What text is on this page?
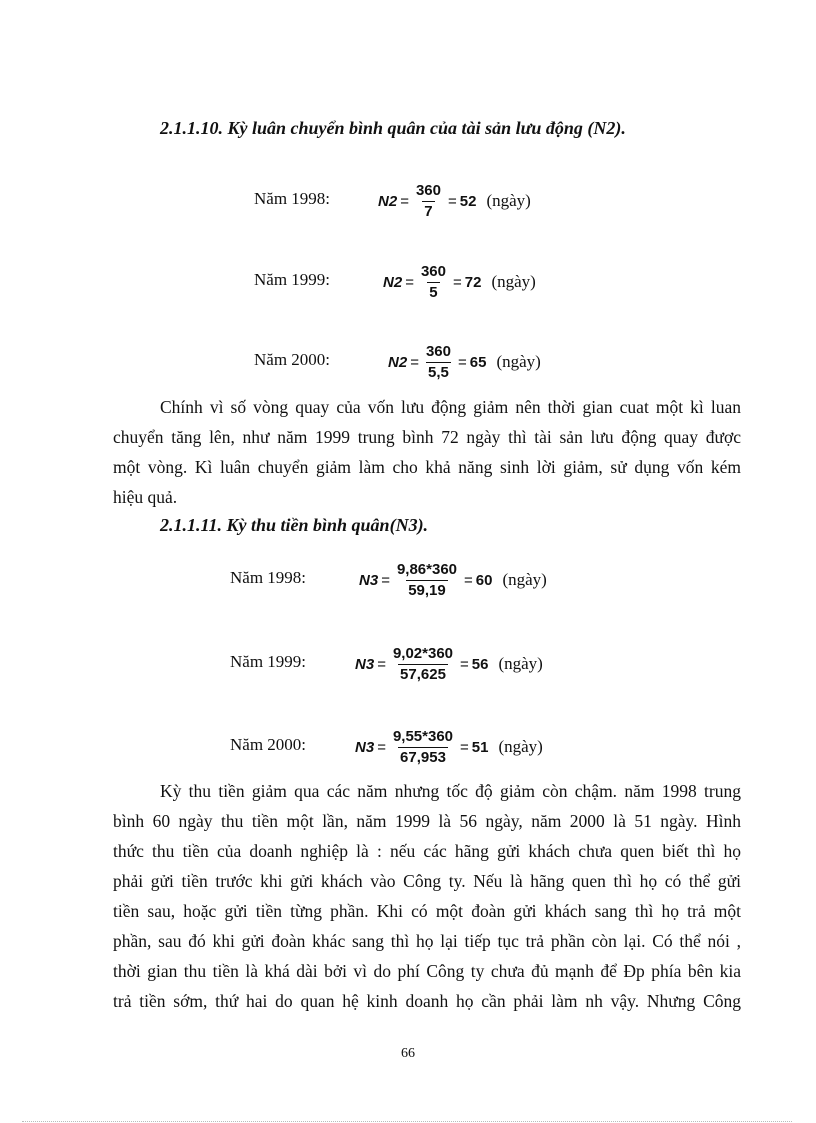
2.1.1.10. Kỳ luân chuyển bình quân của tài sản lưu động (N2).
Năm 1998:	$N2 = \frac{360}{7} = 52$ (ngày)
Năm 1999:	$N2 = \frac{360}{5} = 72$ (ngày)
Năm 2000:	$N2 = \frac{360}{5,5} = 65$ (ngày)
Chính vì số vòng quay của vốn lưu động giảm nên thời gian cuat một kì luan
chuyển tăng lên, như năm 1999 trung bình 72 ngày thì tài sản lưu động quay được
một vòng. Kì luân chuyển giảm làm cho khả năng sinh lời giảm, sử dụng vốn kém
hiệu quả.
2.1.1.11. Kỳ thu tiền bình quân(N3).
Năm 1998:	$N3 = \frac{9,86*360}{59,19} = 60$ (ngày)
Năm 1999:	$N3 = \frac{9,02*360}{57,625} = 56$ (ngày)
Năm 2000:	$N3 = \frac{9,55*360}{67,953} = 51$ (ngày)
Kỳ thu tiền giảm qua các năm nhưng tốc độ giảm còn chậm. năm 1998 trung
bình 60 ngày thu tiền một lần, năm 1999 là 56 ngày, năm 2000 là 51 ngày. Hình
thức thu tiền của doanh nghiệp là : nếu các hãng gửi khách chưa quen biết thì họ
phải gửi tiền trước khi gửi khách vào Công ty. Nếu là hãng quen thì họ có thể gửi
tiền sau, hoặc gửi tiền từng phần. Khi có một đoàn gửi khách sang thì họ trả một
phần, sau đó khi gửi đoàn khác sang thì họ lại tiếp tục trả phần còn lại. Có thể nói ,
thời gian thu tiền là khá dài bởi vì do phí Công ty chưa đủ mạnh để Đp phía bên kia
trả tiền sớm, thứ hai do quan hệ kinh doanh họ cần phải làm nh vậy. Nhưng Công
66
